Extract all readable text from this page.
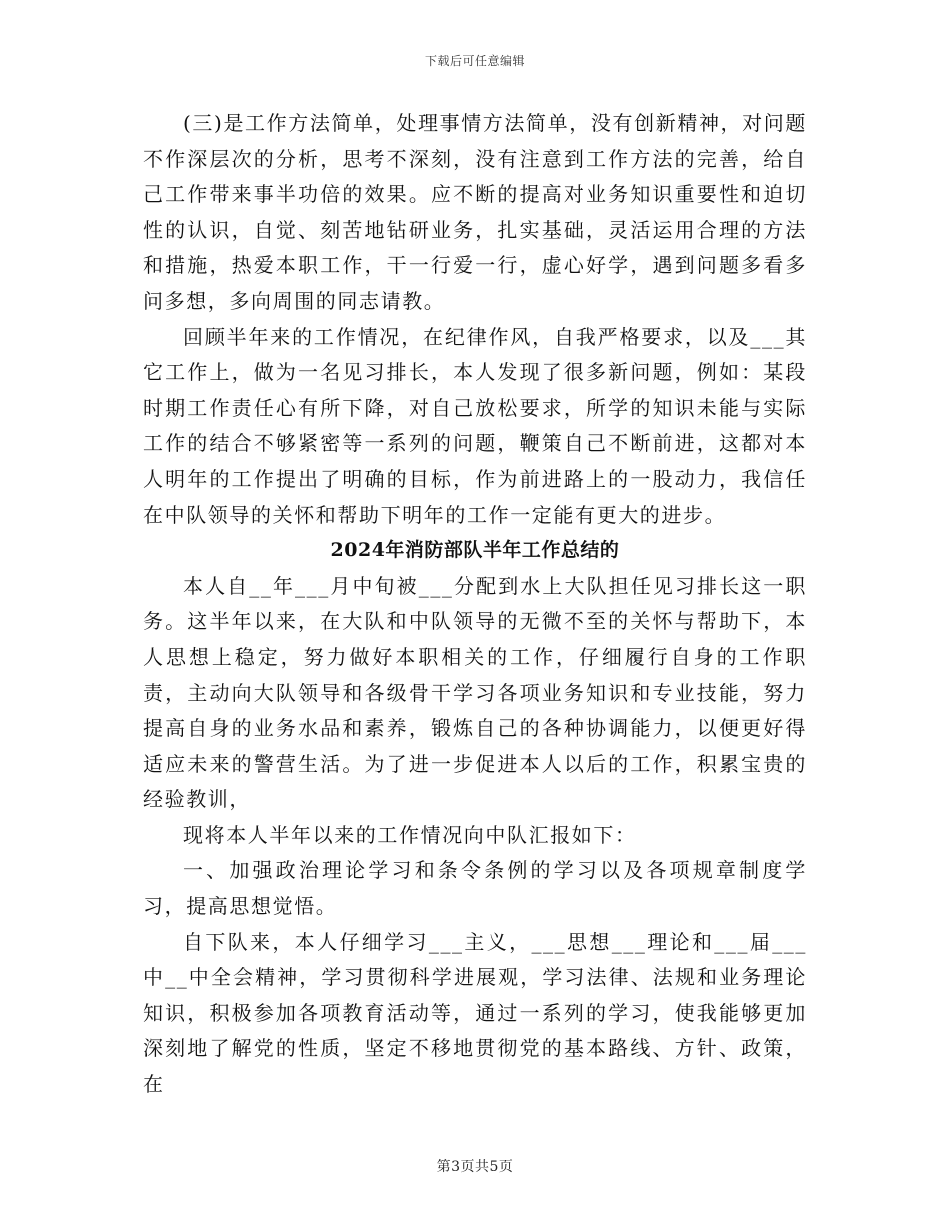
下载后可任意编辑

(三)是工作方法简单，处理事情方法简单，没有创新精神，对问题不作深层次的分析，思考不深刻，没有注意到工作方法的完善，给自己工作带来事半功倍的效果。应不断的提高对业务知识重要性和迫切性的认识，自觉、刻苦地钻研业务，扎实基础，灵活运用合理的方法和措施，热爱本职工作，干一行爱一行，虚心好学，遇到问题多看多问多想，多向周围的同志请教。

回顾半年来的工作情况，在纪律作风，自我严格要求，以及___其它工作上，做为一名见习排长，本人发现了很多新问题，例如：某段时期工作责任心有所下降，对自己放松要求，所学的知识未能与实际工作的结合不够紧密等一系列的问题，鞭策自己不断前进，这都对本人明年的工作提出了明确的目标，作为前进路上的一股动力，我信任在中队领导的关怀和帮助下明年的工作一定能有更大的进步。

2024年消防部队半年工作总结的

本人自__年___月中旬被___分配到水上大队担任见习排长这一职务。这半年以来，在大队和中队领导的无微不至的关怀与帮助下，本人思想上稳定，努力做好本职相关的工作，仔细履行自身的工作职责，主动向大队领导和各级骨干学习各项业务知识和专业技能，努力提高自身的业务水品和素养，锻炼自己的各种协调能力，以便更好得适应未来的警营生活。为了进一步促进本人以后的工作，积累宝贵的经验教训，

现将本人半年以来的工作情况向中队汇报如下：

一、加强政治理论学习和条令条例的学习以及各项规章制度学习，提高思想觉悟。

自下队来，本人仔细学习___主义，___思想___理论和___届___中__中全会精神，学习贯彻科学进展观，学习法律、法规和业务理论知识，积极参加各项教育活动等，通过一系列的学习，使我能够更加深刻地了解党的性质，坚定不移地贯彻党的基本路线、方针、政策，在

第3页共5页
